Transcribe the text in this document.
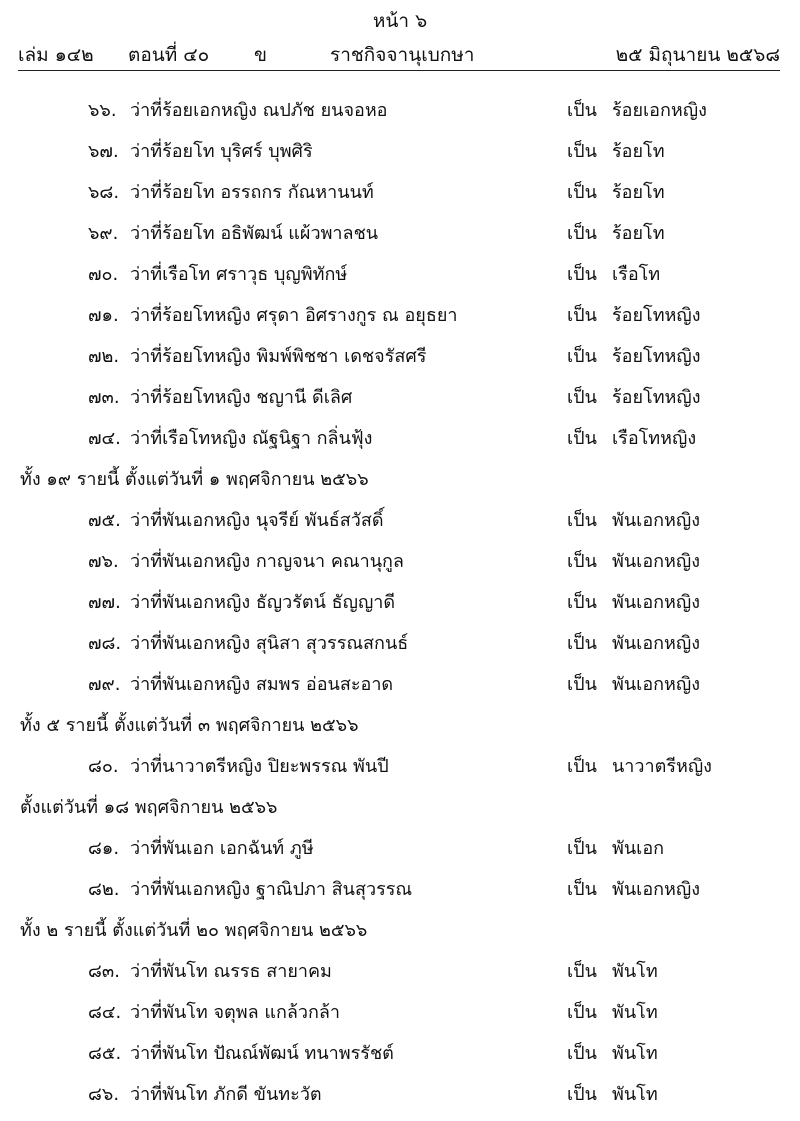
หน้า ๖
เล่ม ๑๔๒ ตอนที่ ๔๐ ข	ราชกิจจานุเบกษา	๒๕ มิถุนายน ๒๕๖๘
๖๖. ว่าที่ร้อยเอกหญิง ณปภัช ยนจอหอ	เป็น ร้อยเอกหญิง
๖๗. ว่าที่ร้อยโท บุริศร์ บุพศิริ	เป็น ร้อยโท
๖๘. ว่าที่ร้อยโท อรรถกร กัณหานนท์	เป็น ร้อยโท
๖๙. ว่าที่ร้อยโท อธิพัฒน์ แผ้วพาลชน	เป็น ร้อยโท
๗๐. ว่าที่เรือโท ศราวุธ บุญพิทักษ์	เป็น เรือโท
๗๑. ว่าที่ร้อยโทหญิง ศรุดา อิศรางกูร ณ อยุธยา	เป็น ร้อยโทหญิง
๗๒. ว่าที่ร้อยโทหญิง พิมพ์พิชชา เดชจรัสศรี	เป็น ร้อยโทหญิง
๗๓. ว่าที่ร้อยโทหญิง ชญานี ดีเลิศ	เป็น ร้อยโทหญิง
๗๔. ว่าที่เรือโทหญิง ณัฐนิฐา กลิ่นฟุ้ง	เป็น เรือโทหญิง
ทั้ง ๑๙ รายนี้ ตั้งแต่วันที่ ๑ พฤศจิกายน ๒๕๖๖
๗๕. ว่าที่พันเอกหญิง นุจรีย์ พันธ์สวัสดิ์	เป็น พันเอกหญิง
๗๖. ว่าที่พันเอกหญิง กาญจนา คณานุกูล	เป็น พันเอกหญิง
๗๗. ว่าที่พันเอกหญิง ธัญวรัตน์ ธัญญาดี	เป็น พันเอกหญิง
๗๘. ว่าที่พันเอกหญิง สุนิสา สุวรรณสกนธ์	เป็น พันเอกหญิง
๗๙. ว่าที่พันเอกหญิง สมพร อ่อนสะอาด	เป็น พันเอกหญิง
ทั้ง ๕ รายนี้ ตั้งแต่วันที่ ๓ พฤศจิกายน ๒๕๖๖
๘๐. ว่าที่นาวาตรีหญิง ปิยะพรรณ พันปี	เป็น นาวาตรีหญิง
ตั้งแต่วันที่ ๑๘ พฤศจิกายน ๒๕๖๖
๘๑. ว่าที่พันเอก เอกฉันท์ ภูษี	เป็น พันเอก
๘๒. ว่าที่พันเอกหญิง ฐาณิปภา สินสุวรรณ	เป็น พันเอกหญิง
ทั้ง ๒ รายนี้ ตั้งแต่วันที่ ๒๐ พฤศจิกายน ๒๕๖๖
๘๓. ว่าที่พันโท ณรรธ สายาคม	เป็น พันโท
๘๔. ว่าที่พันโท จตุพล แกล้วกล้า	เป็น พันโท
๘๕. ว่าที่พันโท ปัณณ์พัฒน์ ทนาพรรัชต์	เป็น พันโท
๘๖. ว่าที่พันโท ภักดี ขันทะวัต	เป็น พันโท
